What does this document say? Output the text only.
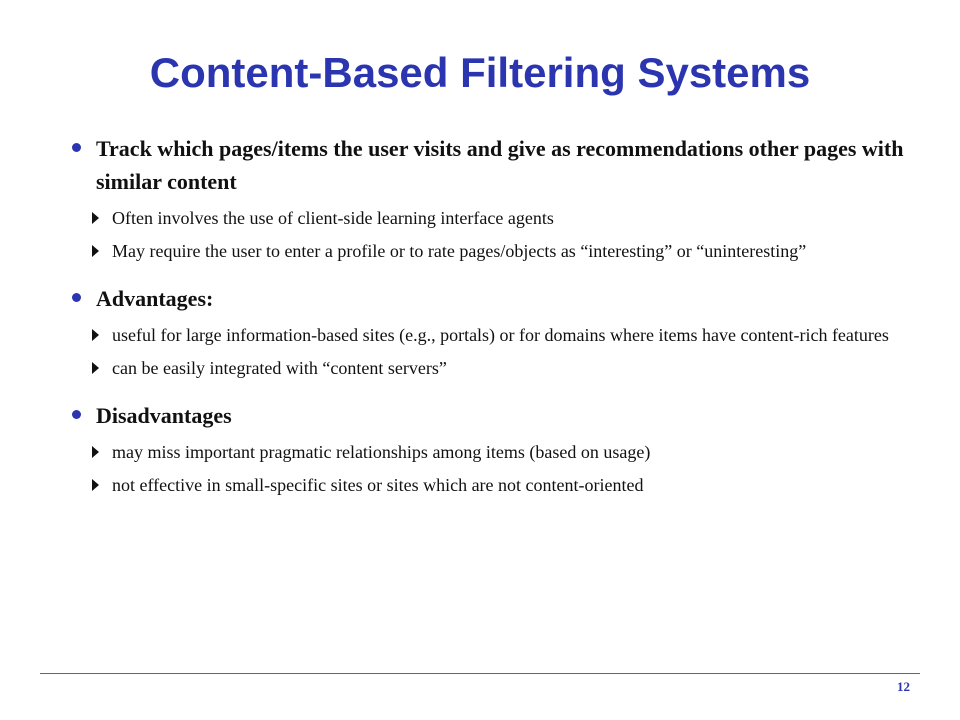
Content-Based Filtering Systems
Track which pages/items the user visits and give as recommendations other pages with similar content
Often involves the use of client-side learning interface agents
May require the user to enter a profile or to rate pages/objects as “interesting” or “uninteresting”
Advantages:
useful for large information-based sites (e.g., portals) or for domains where items have content-rich features
can be easily integrated with “content servers”
Disadvantages
may miss important pragmatic relationships among items (based on usage)
not effective in small-specific sites or sites which are not content-oriented
12
